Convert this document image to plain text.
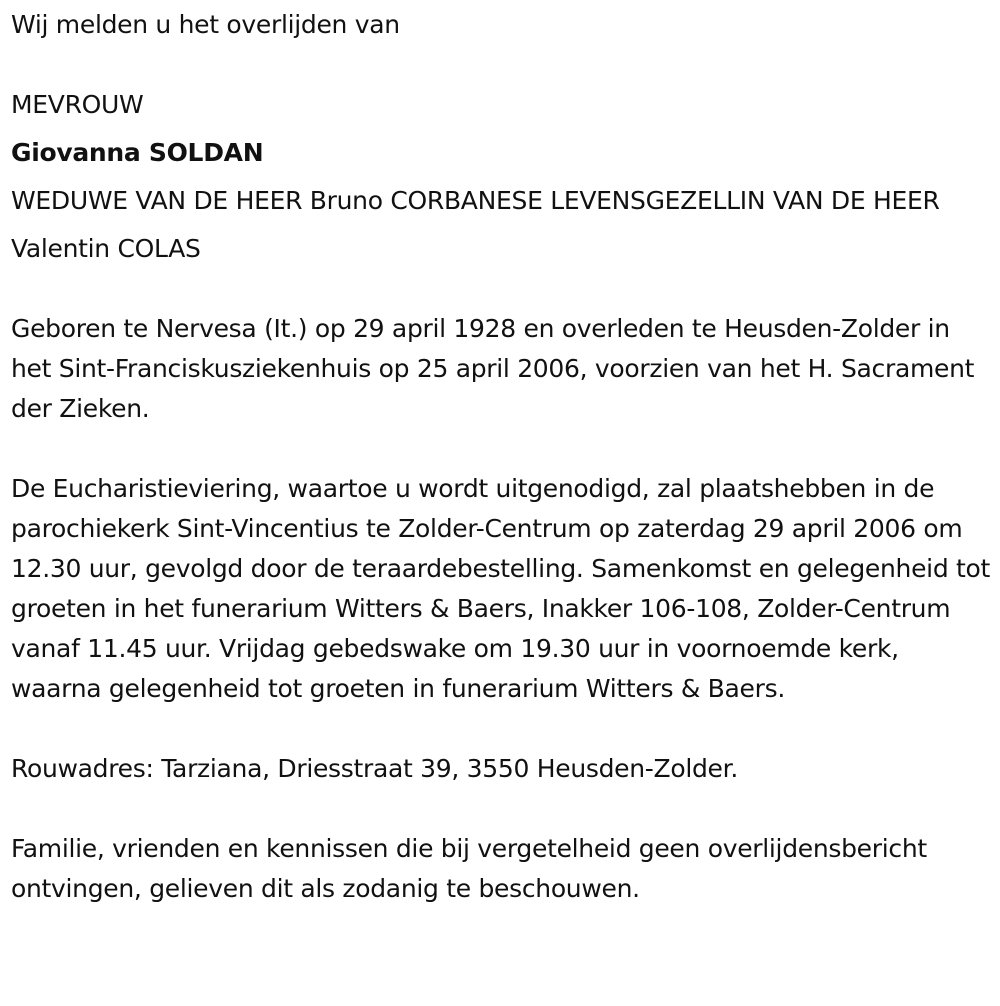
Wij melden u het overlijden van

MEVROUW

Giovanna SOLDAN

WEDUWE VAN DE HEER Bruno CORBANESE LEVENSGEZELLIN VAN DE HEER

Valentin COLAS

Geboren te Nervesa (It.) op 29 april 1928 en overleden te Heusden-Zolder in het Sint-Franciskusziekenhuis op 25 april 2006, voorzien van het H. Sacrament der Zieken.

De Eucharistieviering, waartoe u wordt uitgenodigd, zal plaatshebben in de parochiekerk Sint-Vincentius te Zolder-Centrum op zaterdag 29 april 2006 om 12.30 uur, gevolgd door de teraardebestelling. Samenkomst en gelegenheid tot groeten in het funerarium Witters & Baers, Inakker 106-108, Zolder-Centrum vanaf 11.45 uur. Vrijdag gebedswake om 19.30 uur in voornoemde kerk, waarna gelegenheid tot groeten in funerarium Witters & Baers.

Rouwadres: Tarziana, Driesstraat 39, 3550 Heusden-Zolder.

Familie, vrienden en kennissen die bij vergetelheid geen overlijdensbericht ontvingen, gelieven dit als zodanig te beschouwen.
